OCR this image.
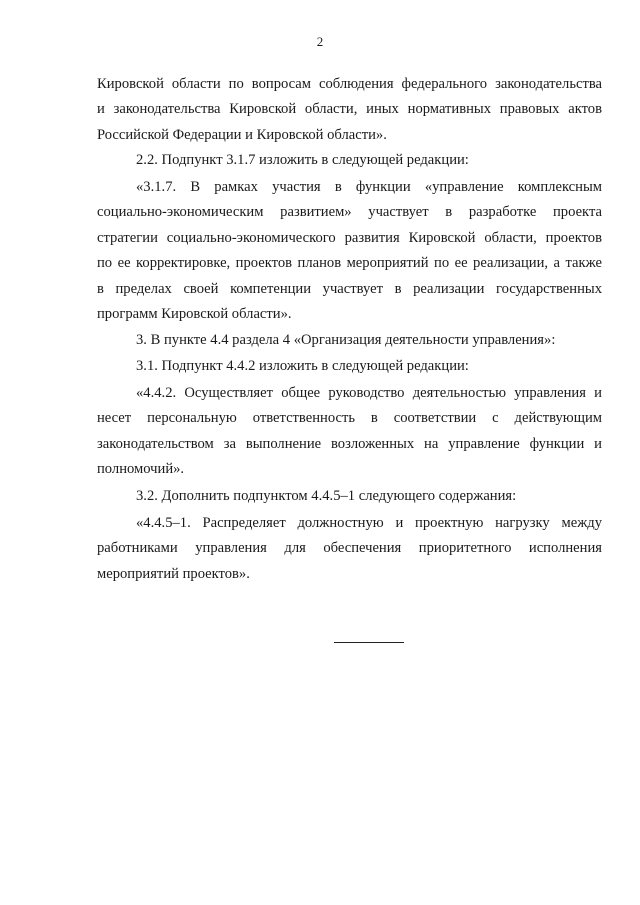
2
Кировской области по вопросам соблюдения федерального законодательства
и законодательства Кировской области, иных нормативных правовых актов
Российской Федерации и Кировской области».
2.2. Подпункт 3.1.7 изложить в следующей редакции:
«3.1.7. В рамках участия в функции «управление комплексным
социально-экономическим развитием» участвует в разработке проекта
стратегии социально-экономического развития Кировской области, проектов
по ее корректировке, проектов планов мероприятий по ее реализации, а также
в пределах своей компетенции участвует в реализации государственных
программ Кировской области».
3. В пункте 4.4 раздела 4 «Организация деятельности управления»:
3.1. Подпункт 4.4.2 изложить в следующей редакции:
«4.4.2. Осуществляет общее руководство деятельностью управления и
несет персональную ответственность в соответствии с действующим
законодательством за выполнение возложенных на управление функции и
полномочий».
3.2. Дополнить подпунктом 4.4.5–1 следующего содержания:
«4.4.5–1. Распределяет должностную и проектную нагрузку между
работниками управления для обеспечения приоритетного исполнения
мероприятий проектов».
